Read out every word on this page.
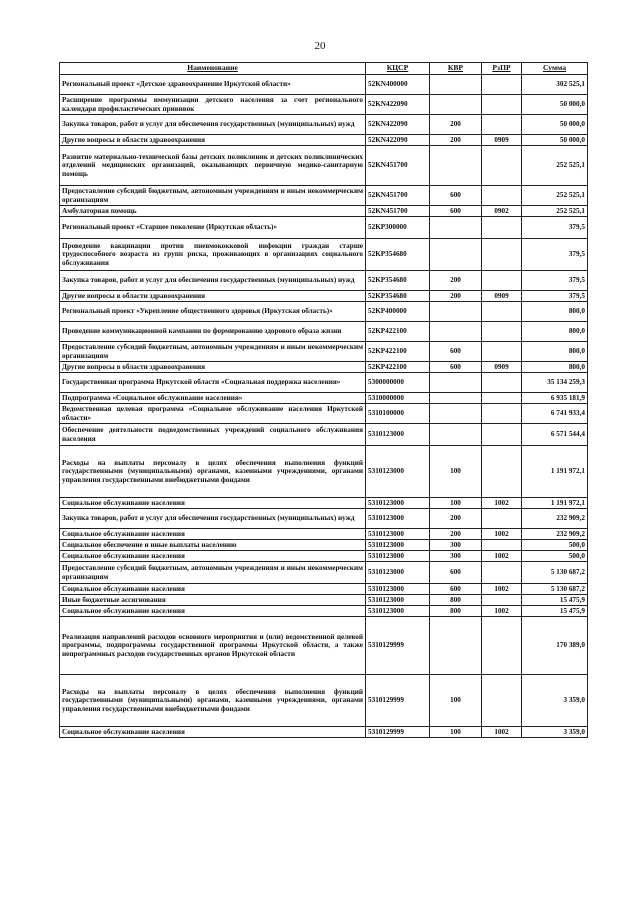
20
Наименование	КЦСР	КВР	РзПР	Сумма
Региональный проект «Детское здравоохранение Иркутской области»	52KN400000			302 525,1
Расширение программы иммунизации детского населения за счет регионального календаря профилактических прививок	52KN422090			50 000,0
Закупка товаров, работ и услуг для обеспечения государственных (муниципальных) нужд	52KN422090	200		50 000,0
Другие вопросы в области здравоохранения	52KN422090	200	0909	50 000,0
Развитие материально-технической базы детских поликлиник и детских поликлинических отделений медицинских организаций, оказывающих первичную медико-санитарную помощь	52KN451700			252 525,1
Предоставление субсидий бюджетным, автономным учреждениям и иным некоммерческим организациям	52KN451700	600		252 525,1
Амбулаторная помощь	52KN451700	600	0902	252 525,1
Региональный проект «Старшее поколение (Иркутская область)»	52KP300000			379,5
Проведение вакцинации против пневмококковой инфекции граждан старше трудоспособного возраста из групп риска, проживающих в организациях социального обслуживания	52KP354680			379,5
Закупка товаров, работ и услуг для обеспечения государственных (муниципальных) нужд	52KP354680	200		379,5
Другие вопросы в области здравоохранения	52KP354680	200	0909	379,5
Региональный проект «Укрепление общественного здоровья (Иркутская область)»	52KP400000			800,0
Проведение коммуникационной кампании по формированию здорового образа жизни	52KP422100			800,0
Предоставление субсидий бюджетным, автономным учреждениям и иным некоммерческим организациям	52KP422100	600		800,0
Другие вопросы в области здравоохранения	52KP422100	600	0909	800,0
Государственная программа Иркутской области «Социальная поддержка населения»	5300000000			35 134 259,3
Подпрограмма «Социальное обслуживание населения»	5310000000			6 935 181,9
Ведомственная целевая программа «Социальное обслуживание населения Иркутской области»	5310100000			6 741 933,4
Обеспечение деятельности подведомственных учреждений социального обслуживания населения	5310123000			6 571 544,4
Расходы на выплаты персоналу в целях обеспечения выполнения функций государственными (муниципальными) органами, казенными учреждениями, органами управления государственными внебюджетными фондами	5310123000	100		1 191 972,1
Социальное обслуживание населения	5310123000	100	1002	1 191 972,1
Закупка товаров, работ и услуг для обеспечения государственных (муниципальных) нужд	5310123000	200		232 909,2
Социальное обслуживание населения	5310123000	200	1002	232 909,2
Социальное обеспечение и иные выплаты населению	5310123000	300		500,0
Социальное обслуживание населения	5310123000	300	1002	500,0
Предоставление субсидий бюджетным, автономным учреждениям и иным некоммерческим организациям	5310123000	600		5 130 687,2
Социальное обслуживание населения	5310123000	600	1002	5 130 687,2
Иные бюджетные ассигнования	5310123000	800		15 475,9
Социальное обслуживание населения	5310123000	800	1002	15 475,9
Реализация направлений расходов основного мероприятия и (или) ведомственной целевой программы, подпрограммы государственной программы Иркутской области, а также непрограммных расходов государственных органов Иркутской области	5310129999			170 389,0
Расходы на выплаты персоналу в целях обеспечения выполнения функций государственными (муниципальными) органами, казенными учреждениями, органами управления государственными внебюджетными фондами	5310129999	100		3 359,0
Социальное обслуживание населения	5310129999	100	1002	3 359,0
